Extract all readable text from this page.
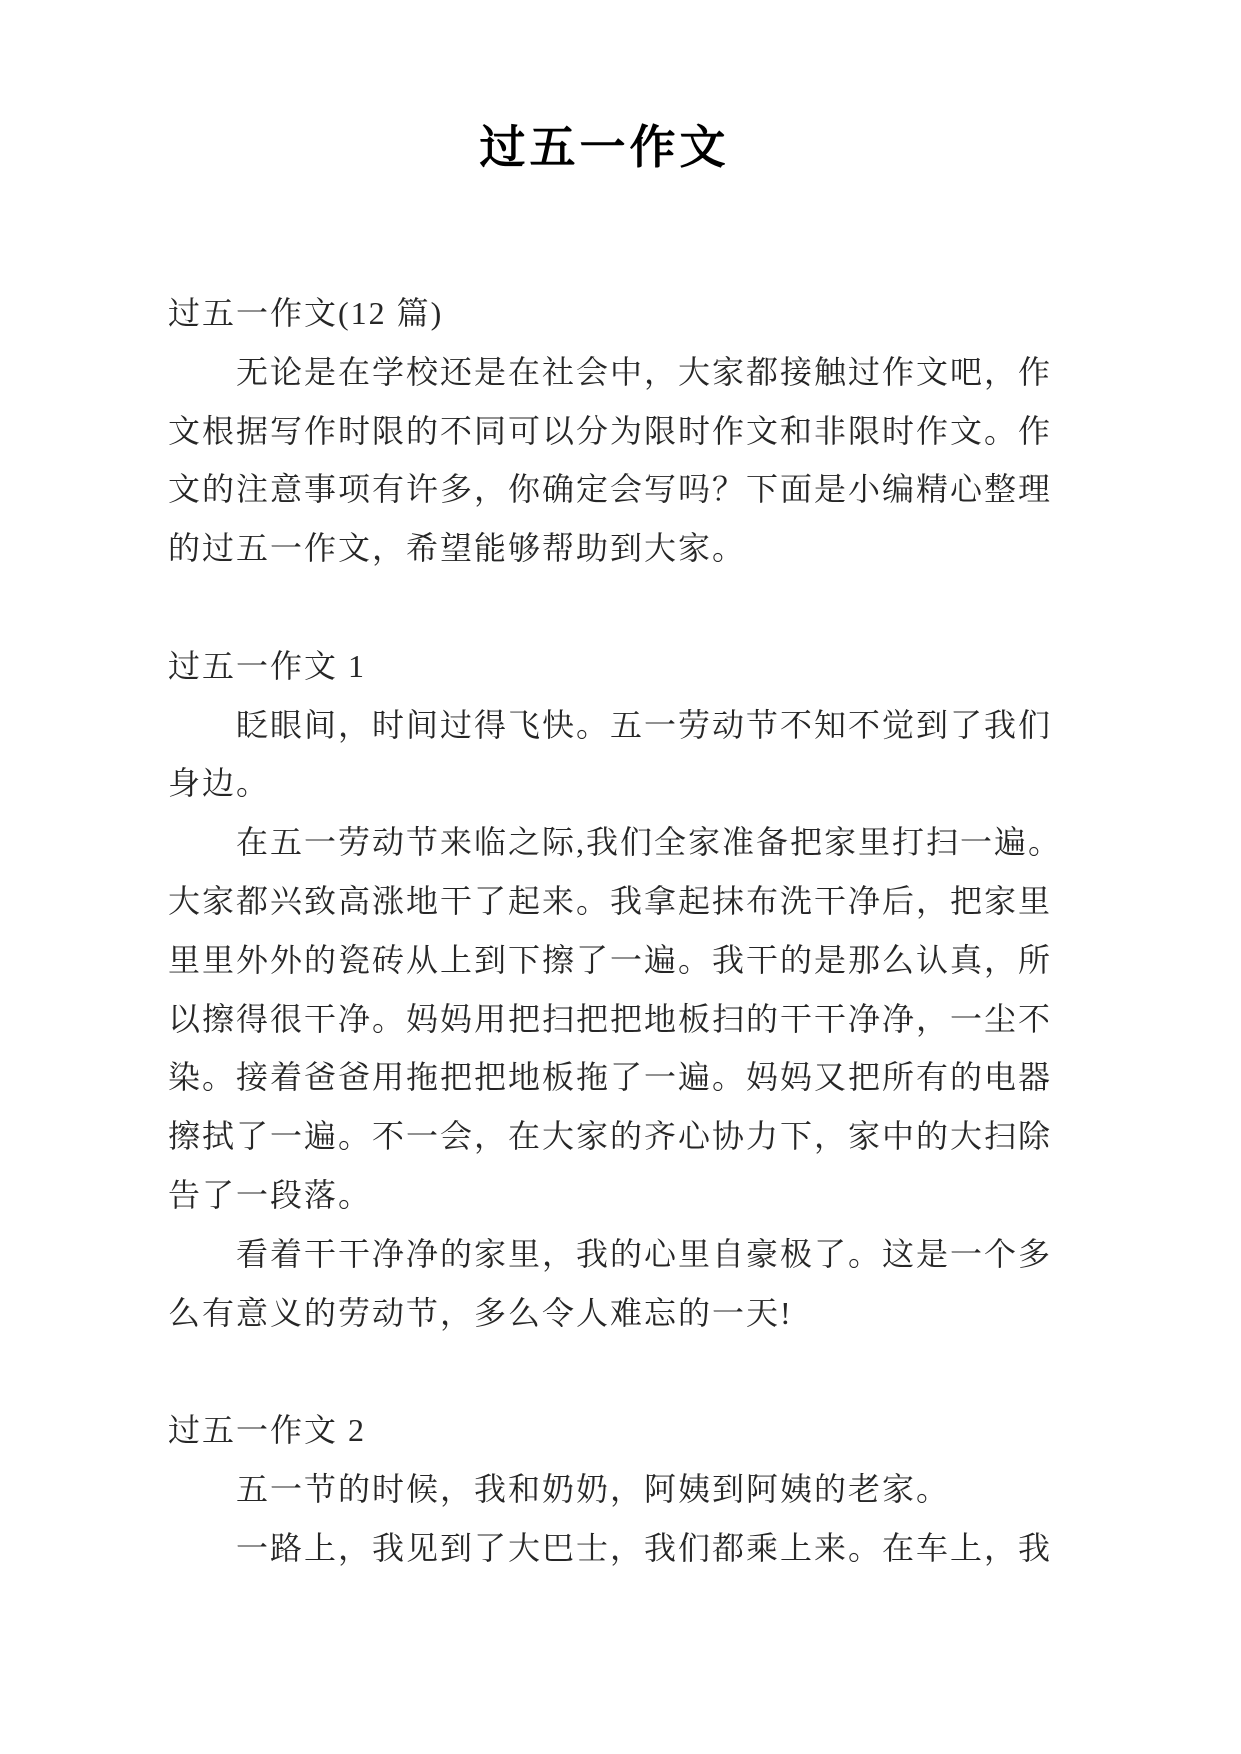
过五一作文
过五一作文(12 篇)
无论是在学校还是在社会中，大家都接触过作文吧，作
文根据写作时限的不同可以分为限时作文和非限时作文。作
文的注意事项有许多，你确定会写吗？下面是小编精心整理
的过五一作文，希望能够帮助到大家。
过五一作文 1
眨眼间，时间过得飞快。五一劳动节不知不觉到了我们
身边。
在五一劳动节来临之际,我们全家准备把家里打扫一遍。
大家都兴致高涨地干了起来。我拿起抹布洗干净后，把家里
里里外外的瓷砖从上到下擦了一遍。我干的是那么认真，所
以擦得很干净。妈妈用把扫把把地板扫的干干净净，一尘不
染。接着爸爸用拖把把地板拖了一遍。妈妈又把所有的电器
擦拭了一遍。不一会，在大家的齐心协力下，家中的大扫除
告了一段落。
看着干干净净的家里，我的心里自豪极了。这是一个多
么有意义的劳动节，多么令人难忘的一天!
过五一作文 2
五一节的时候，我和奶奶，阿姨到阿姨的老家。
一路上，我见到了大巴士，我们都乘上来。在车上，我
